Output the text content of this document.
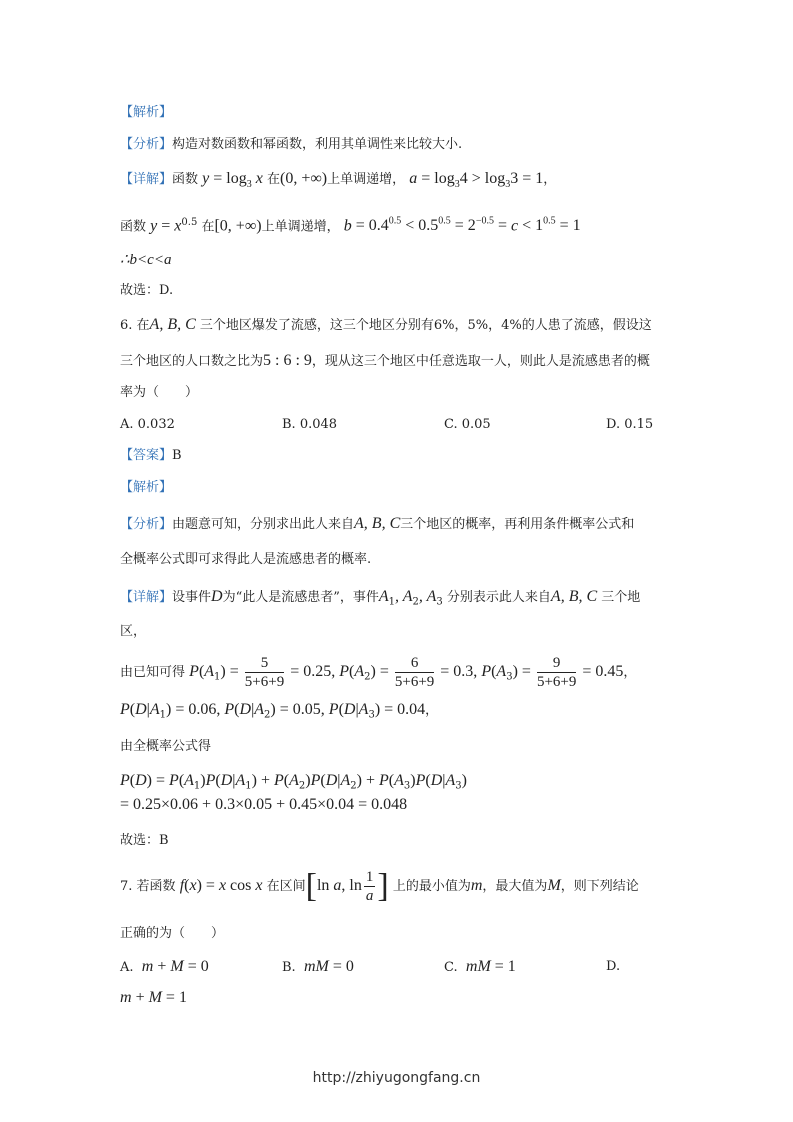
【解析】
【分析】构造对数函数和幂函数，利用其单调性来比较大小.
【详解】函数 $y = \log_3 x$ 在(0, +∞)上单调递增， $a = \log_34 > \log_33 = 1$，
函数 $y = x^{0.5}$ 在[0, +∞)上单调递增， $b = 0.4^{0.5} < 0.5^{0.5} = 2^{-0.5} = c < 1^{0.5} = 1$
∴b<c<a
故选：D.
6. 在A, B, C 三个地区爆发了流感，这三个地区分别有6%，5%，4%的人患了流感，假设这
三个地区的人口数之比为5 : 6 : 9，现从这三个地区中任意选取一人，则此人是流感患者的概
率为（　　）
A. 0.032	B. 0.048	C. 0.05	D. 0.15
【答案】B
【解析】
【分析】由题意可知，分别求出此人来自A, B, C三个地区的概率，再利用条件概率公式和
全概率公式即可求得此人是流感患者的概率.
【详解】设事件D为“此人是流感患者”，事件$A_1$, $A_2$, $A_3$ 分别表示此人来自A, B, C 三个地
区，
由已知可得 $P(A_1) = \frac{5}{5+6+9} = 0.25$, $P(A_2) = \frac{6}{5+6+9} = 0.3$, $P(A_3) = \frac{9}{5+6+9} = 0.45$，
$P(D|A_1) = 0.06$, $P(D|A_2) = 0.05$, $P(D|A_3) = 0.04$，
由全概率公式得
$P(D) = P(A_1)P(D|A_1) + P(A_2)P(D|A_2) + P(A_3)P(D|A_3)$
= 0.25×0.06 + 0.3×0.05 + 0.45×0.04 = 0.048
故选：B
7. 若函数 f(x) = x cos x 在区间[ln a, $\ln \frac{1}{a}$ ] 上的最小值为m，最大值为M，则下列结论
正确的为（　　）
A. m + M = 0	B. mM = 0	C. mM = 1	D.
m + M = 1
http://zhiyugongfang.cn
